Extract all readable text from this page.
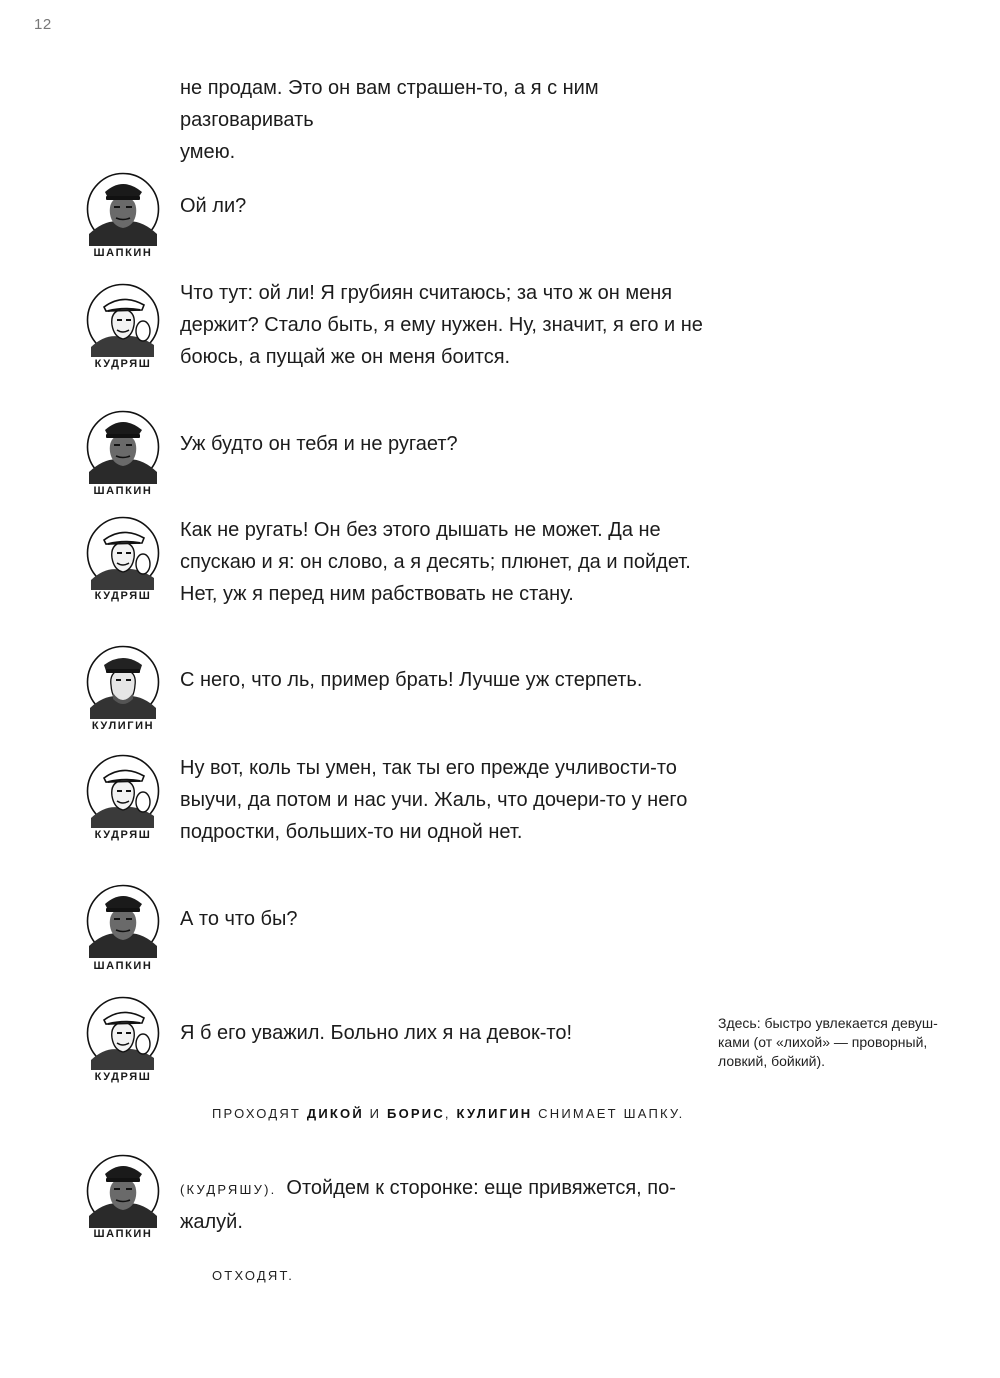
12
не продам. Это он вам страшен-то, а я с ним разговаривать
умею.
ШАПКИН
Ой ли?
КУДРЯШ
Что тут: ой ли! Я грубиян считаюсь; за что ж он меня
держит? Стало быть, я ему нужен. Ну, значит, я его и не
боюсь, а пущай же он меня боится.
ШАПКИН
Уж будто он тебя и не ругает?
КУДРЯШ
Как не ругать! Он без этого дышать не может. Да не
спускаю и я: он слово, а я десять; плюнет, да и пойдет.
Нет, уж я перед ним рабствовать не стану.
КУЛИГИН
С него, что ль, пример брать! Лучше уж стерпеть.
КУДРЯШ
Ну вот, коль ты умен, так ты его прежде учливости-то
выучи, да потом и нас учи. Жаль, что дочери-то у него
подростки, больших-то ни одной нет.
ШАПКИН
А то что бы?
КУДРЯШ
Я б его уважил. Больно лих я на девок-то!	Здесь: быстро увлекается девуш-
ками (от «лихой» — проворный,
ловкий, бойкий).
ПРОХОДЯТ ДИКОЙ И БОРИС, КУЛИГИН СНИМАЕТ ШАПКУ.
ШАПКИН
(КУДРЯШУ). Отойдем к сторонке: еще привяжется, по-
жалуй.
ОТХОДЯТ.
